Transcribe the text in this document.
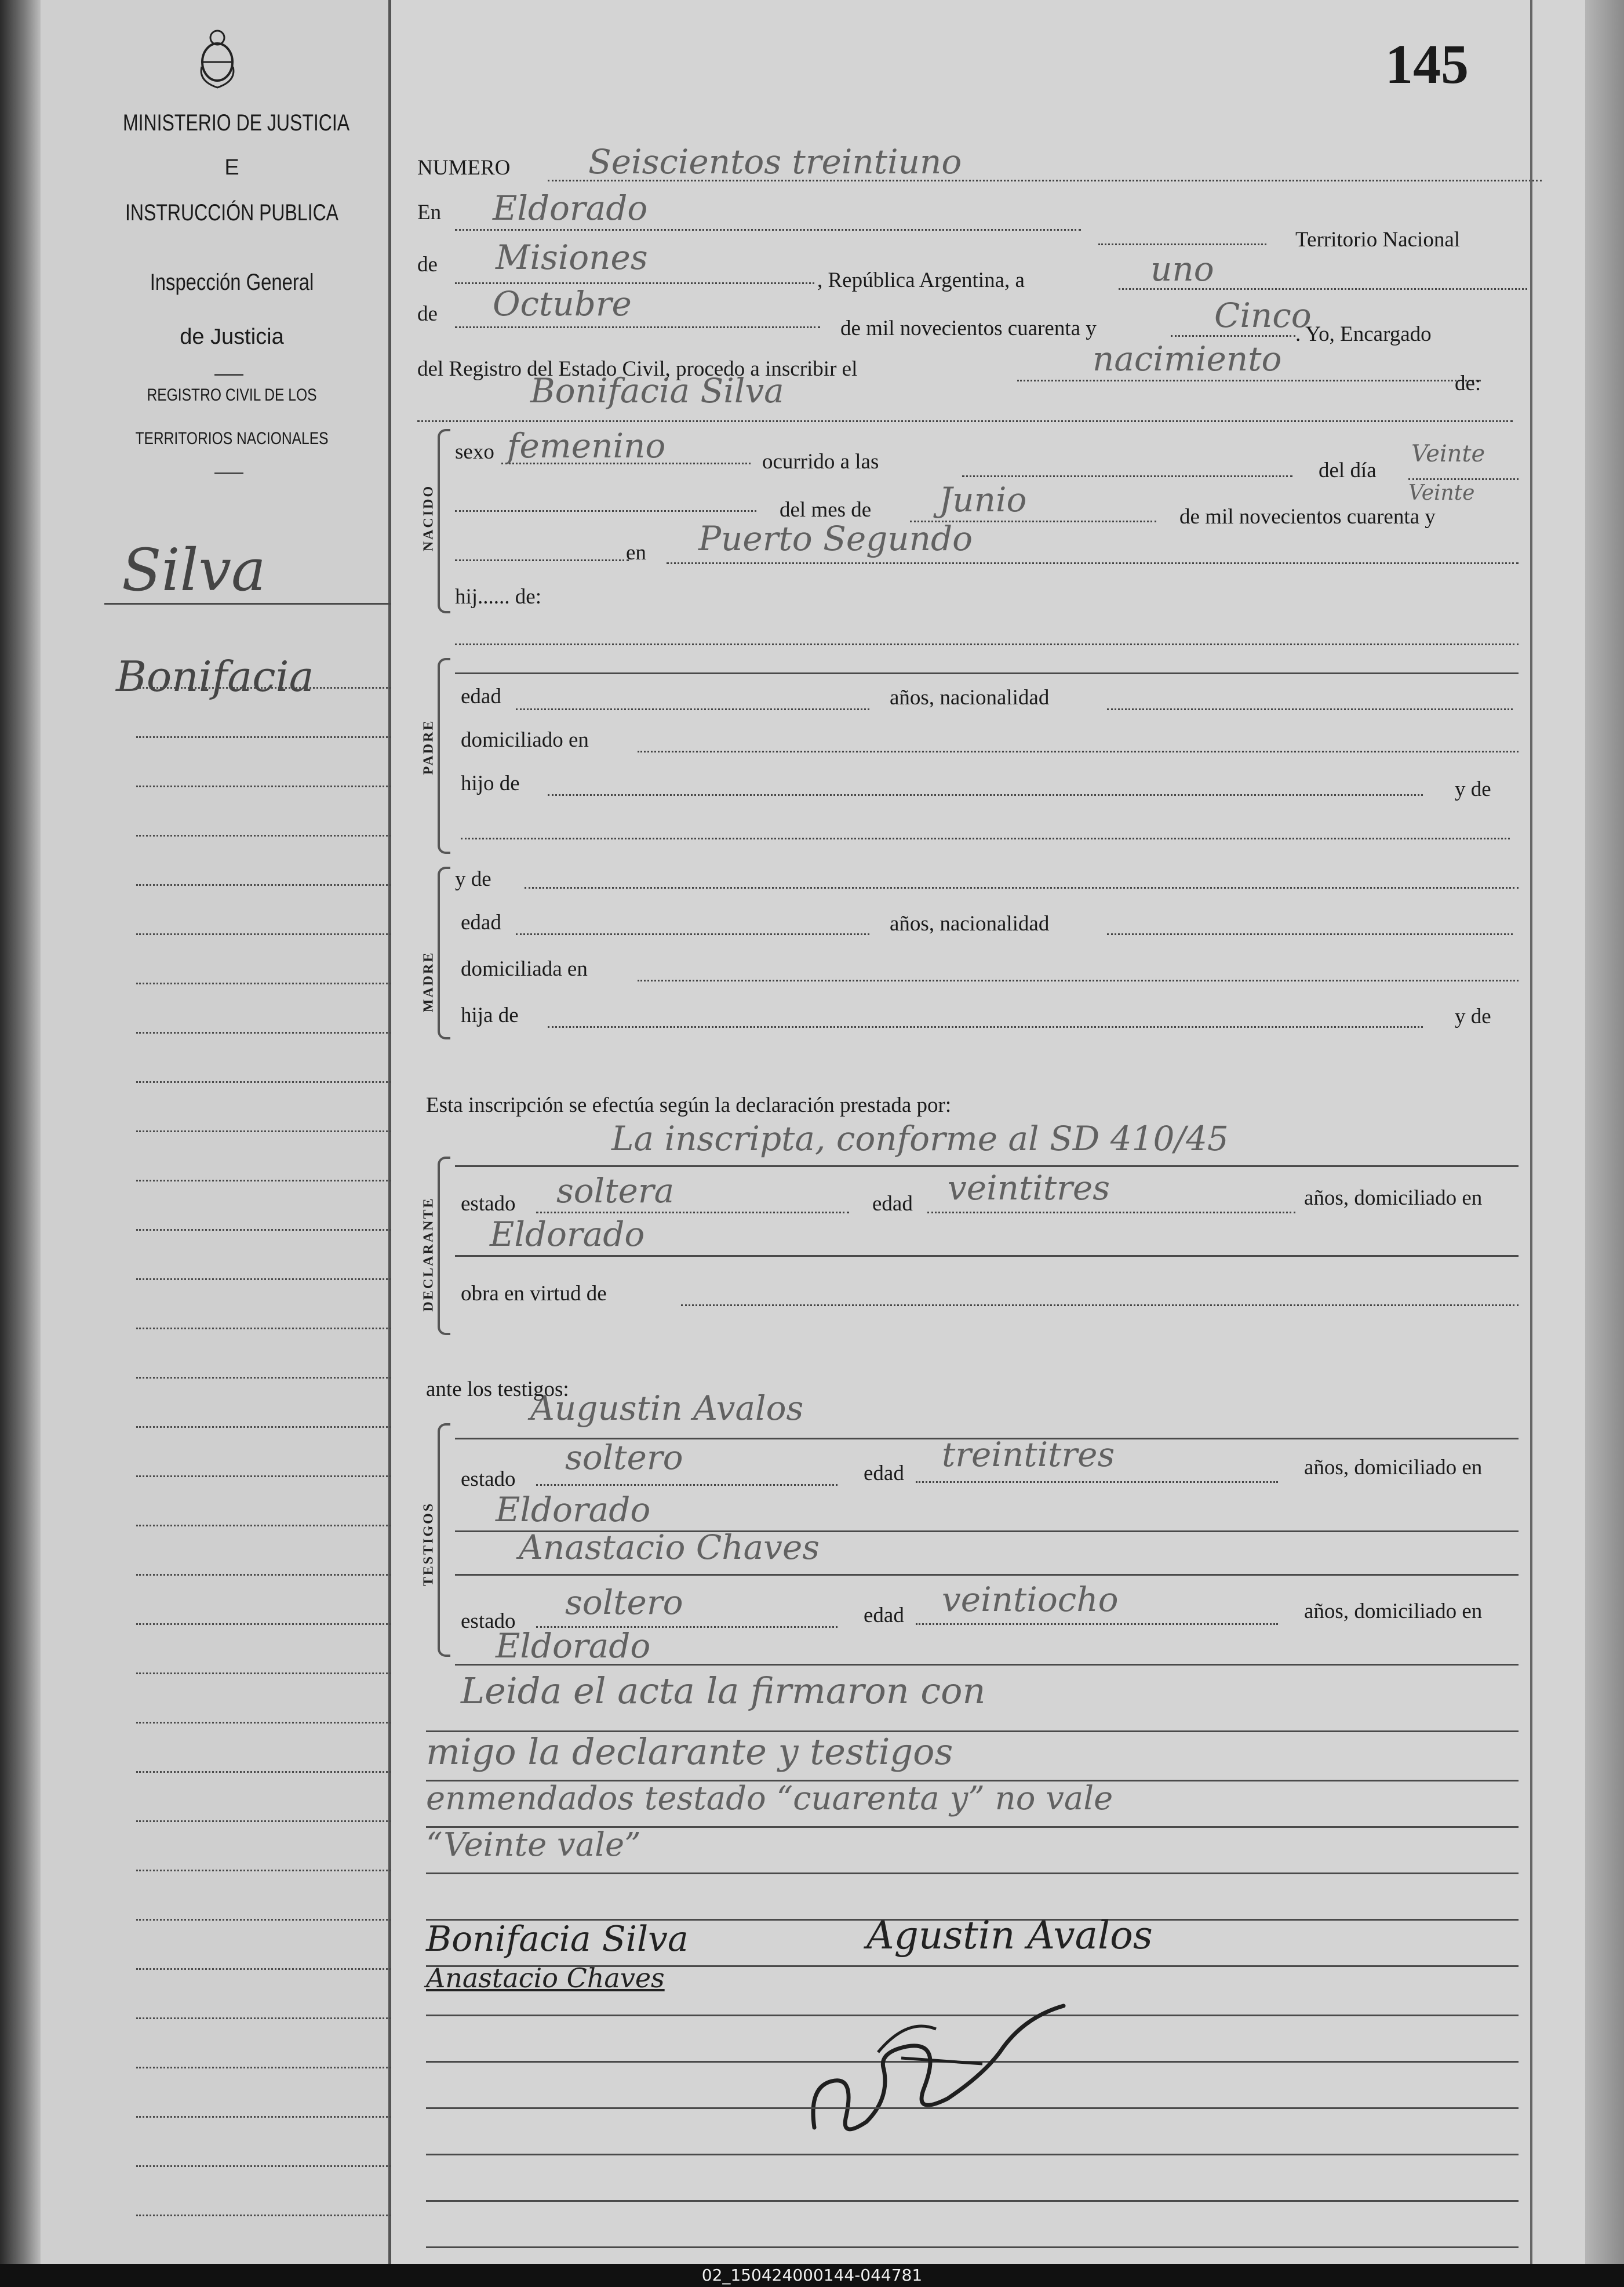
MINISTERIO DE JUSTICIA
E
INSTRUCCIÓN PUBLICA
Inspección General
de Justicia
REGISTRO CIVIL DE LOS
TERRITORIOS NACIONALES
Silva
Bonifacia
145
NUMERO Seiscientos treintiuno
En Eldorado
Territorio Nacional
de Misiones
, República Argentina, a	uno
de Octubre
de mil novecientos cuarenta y	Cinco
. Yo, Encargado
del Registro del Estado Civil, procedo a inscribir el	nacimiento
de:
Bonifacia Silva
NACIDO
sexo femenino	ocurrido a las	del día
Veinte
del mes de Junio	de mil novecientos cuarenta y
Veinte
en Puerto Segundo
hij...... de:
PADRE
edad	años, nacionalidad
domiciliado en
hijo de	y de
MADRE
y de
edad	años, nacionalidad
domiciliada en
hija de	y de
Esta inscripción se efectúa según la declaración prestada por:
La inscripta, conforme al SD 410/45
DECLARANTE estado soltera	edad veintitres	años, domiciliado en
Eldorado
obra en virtud de
ante los testigos:
TESTIGOS
Augustin Avalos
estado
soltero	edad treintitres	años, domiciliado en
Eldorado
Anastacio Chaves
estado soltero	edad veintiocho	años, domiciliado en
Eldorado
Leida el acta la firmaron con
migo la declarante y testigos
enmendados testado “cuarenta y” no vale
“Veinte vale”
Bonifacia Silva	Agustin Avalos
Anastacio Chaves
02_150424000144-044781
